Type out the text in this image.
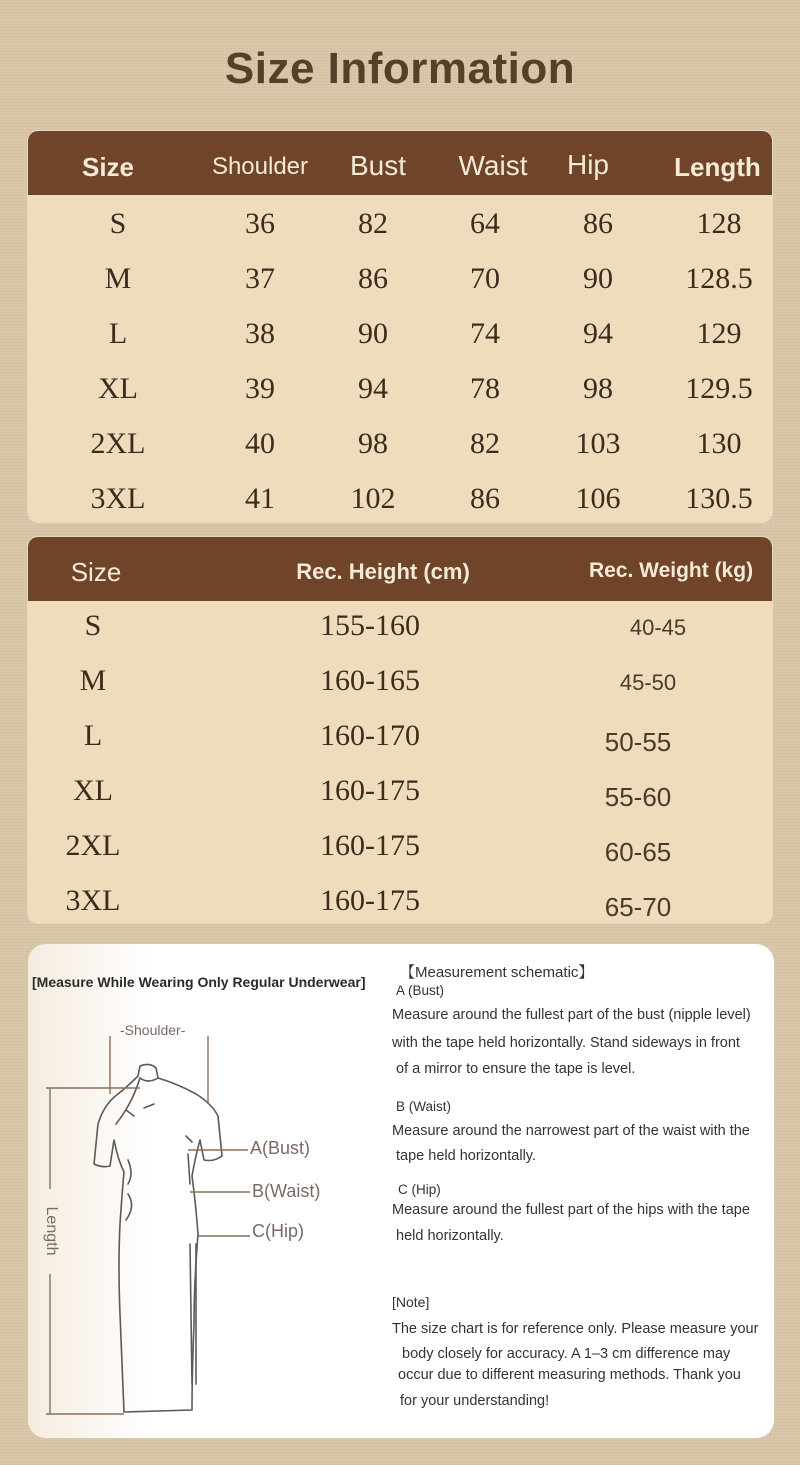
Size Information
Size	Shoulder	Bust	Waist	Hip	Length
S	36	82	64	86	128
M	37	86	70	90	128.5
L	38	90	74	94	129
XL	39	94	78	98	129.5
2XL	40	98	82	103	130
3XL	41	102	86	106	130.5
Size	Rec. Height (cm)	Rec. Weight (kg)
S	155-160	40-45
M	160-165	45-50
L	160-170	50-55
XL	160-175	55-60
2XL	160-175	60-65
3XL	160-175	65-70
[Measure While Wearing Only Regular Underwear]
-Shoulder-
A(Bust)
B(Waist)
C(Hip)
Length
【Measurement schematic】
A (Bust)
Measure around the fullest part of the bust (nipple level)
with the tape held horizontally. Stand sideways in front
of a mirror to ensure the tape is level.
B (Waist)
Measure around the narrowest part of the waist with the
tape held horizontally.
C (Hip)
Measure around the fullest part of the hips with the tape
held horizontally.
[Note]
The size chart is for reference only. Please measure your
body closely for accuracy. A 1–3 cm difference may
occur due to different measuring methods. Thank you
for your understanding!
